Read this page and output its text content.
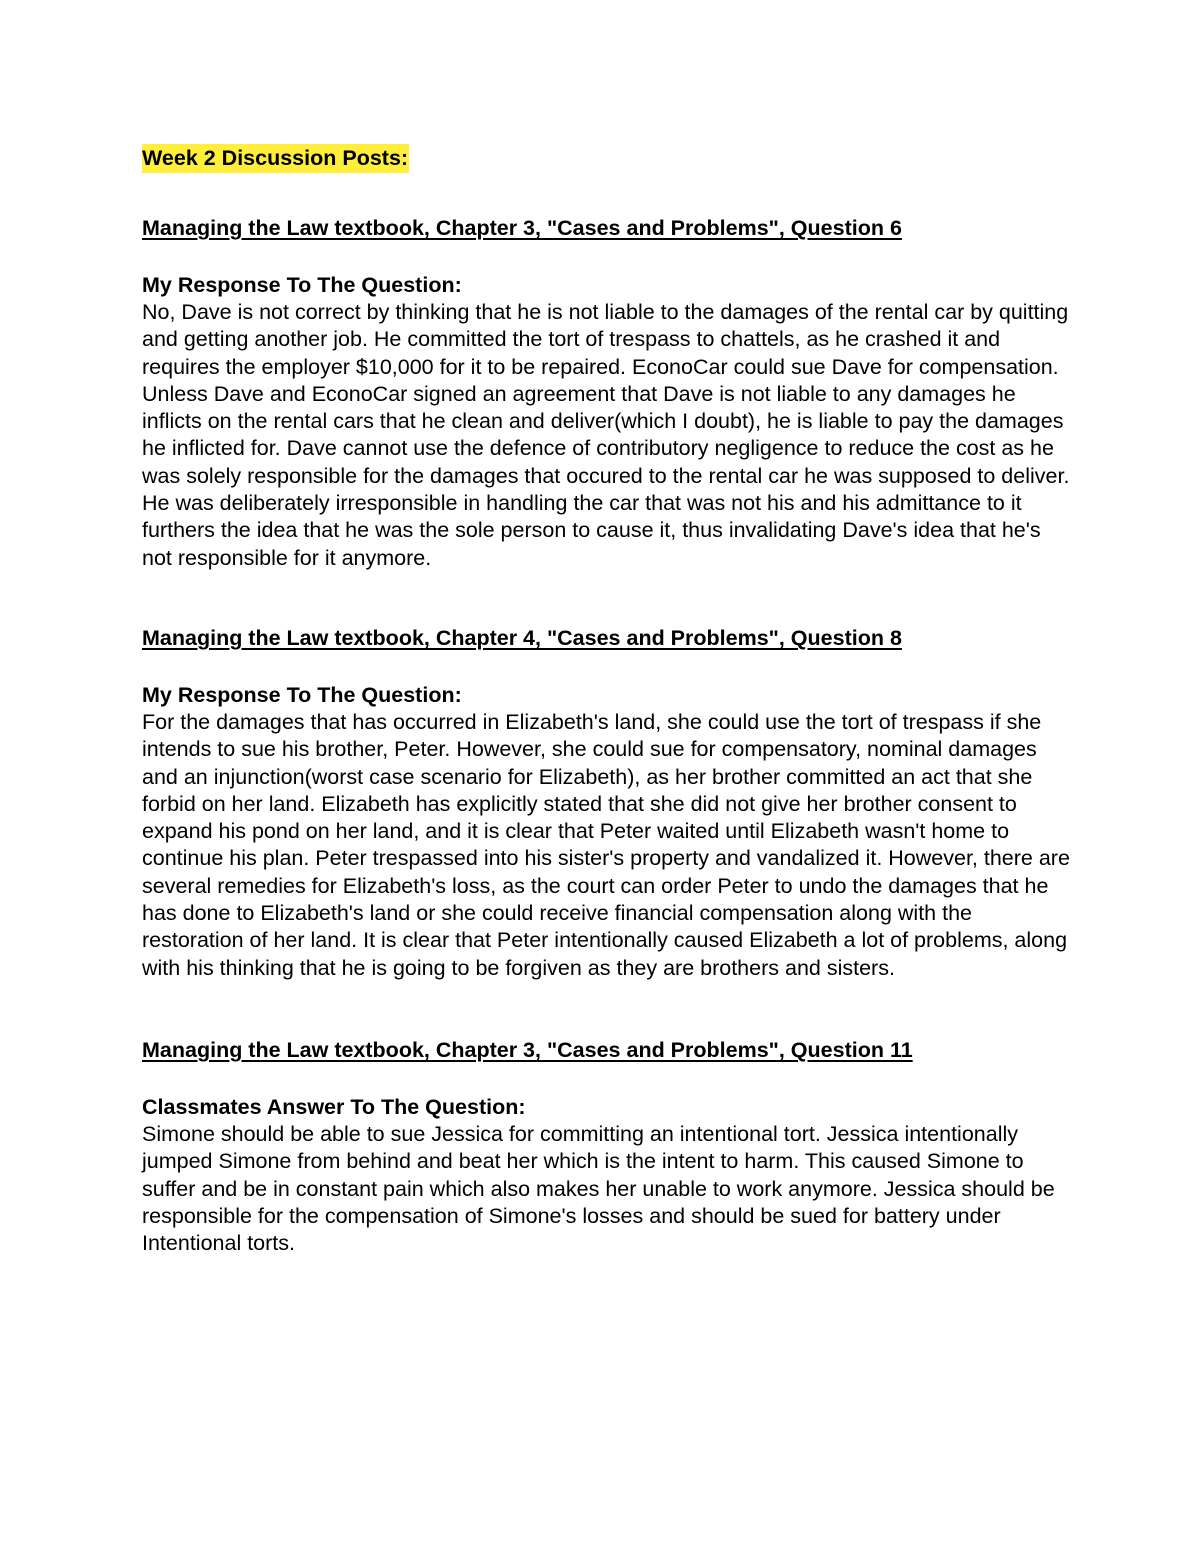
Week 2 Discussion Posts:
Managing the Law textbook, Chapter 3, "Cases and Problems", Question 6
My Response To The Question:

No, Dave is not correct by thinking that he is not liable to the damages of the rental car by quitting and getting another job. He committed the tort of trespass to chattels, as he crashed it and requires the employer $10,000 for it to be repaired. EconoCar could sue Dave for compensation. Unless Dave and EconoCar signed an agreement that Dave is not liable to any damages he inflicts on the rental cars that he clean and deliver(which I doubt), he is liable to pay the damages he inflicted for. Dave cannot use the defence of contributory negligence to reduce the cost as he was solely responsible for the damages that occured to the rental car he was supposed to deliver. He was deliberately irresponsible in handling the car that was not his and his admittance to it furthers the idea that he was the sole person to cause it, thus invalidating Dave's idea that he's not responsible for it anymore.

Managing the Law textbook, Chapter 4, "Cases and Problems", Question 8
My Response To The Question:

For the damages that has occurred in Elizabeth's land, she could use the tort of trespass if she intends to sue his brother, Peter. However, she could sue for compensatory, nominal damages and an injunction(worst case scenario for Elizabeth), as her brother committed an act that she forbid on her land. Elizabeth has explicitly stated that she did not give her brother consent to expand his pond on her land, and it is clear that Peter waited until Elizabeth wasn't home to continue his plan. Peter trespassed into his sister's property and vandalized it. However, there are several remedies for Elizabeth's loss, as the court can order Peter to undo the damages that he has done to Elizabeth's land or she could receive financial compensation along with the restoration of her land. It is clear that Peter intentionally caused Elizabeth a lot of problems, along with his thinking that he is going to be forgiven as they are brothers and sisters.

Managing the Law textbook, Chapter 3, "Cases and Problems", Question 11
Classmates Answer To The Question:

Simone should be able to sue Jessica for committing an intentional tort. Jessica intentionally jumped Simone from behind and beat her which is the intent to harm. This caused Simone to suffer and be in constant pain which also makes her unable to work anymore. Jessica should be responsible for the compensation of Simone's losses and should be sued for battery under Intentional torts.
